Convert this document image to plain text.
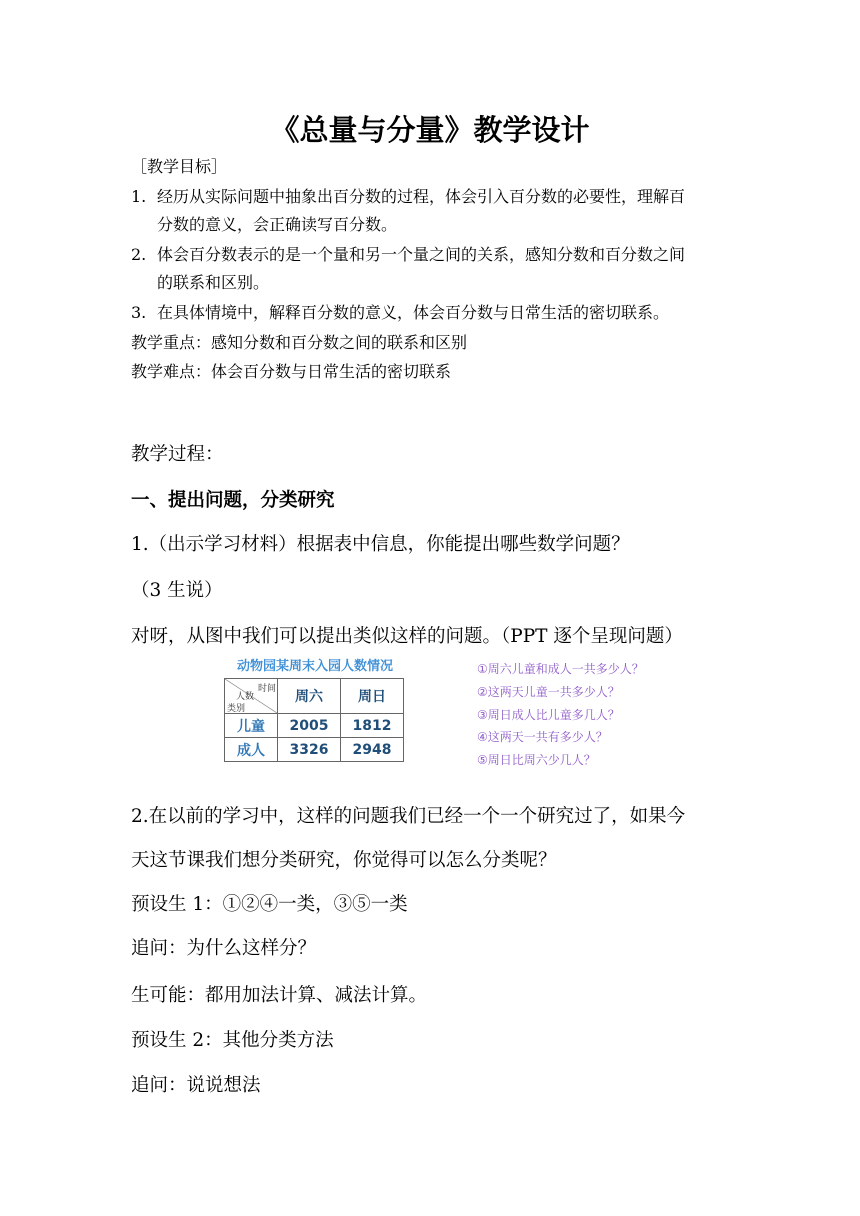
《总量与分量》教学设计
［教学目标］
1. 经历从实际问题中抽象出百分数的过程，体会引入百分数的必要性，理解百
分数的意义，会正确读写百分数。
2. 体会百分数表示的是一个量和另一个量之间的关系，感知分数和百分数之间
的联系和区别。
3. 在具体情境中，解释百分数的意义，体会百分数与日常生活的密切联系。
教学重点：感知分数和百分数之间的联系和区别
教学难点：体会百分数与日常生活的密切联系
教学过程：
一、提出问题，分类研究
1.（出示学习材料）根据表中信息，你能提出哪些数学问题？
（3 生说）
对呀，从图中我们可以提出类似这样的问题。（PPT 逐个呈现问题）
动物园某周末入园人数情况
时间
人数
类别	周六	周日
儿童	2005	1812
成人	3326	2948
①周六儿童和成人一共多少人？
②这两天儿童一共多少人？
③周日成人比儿童多几人？
④这两天一共有多少人？
⑤周日比周六少几人？
2.在以前的学习中，这样的问题我们已经一个一个研究过了，如果今
天这节课我们想分类研究，你觉得可以怎么分类呢？
预设生 1：①②④一类，③⑤一类
追问：为什么这样分？
生可能：都用加法计算、减法计算。
预设生 2：其他分类方法
追问：说说想法
